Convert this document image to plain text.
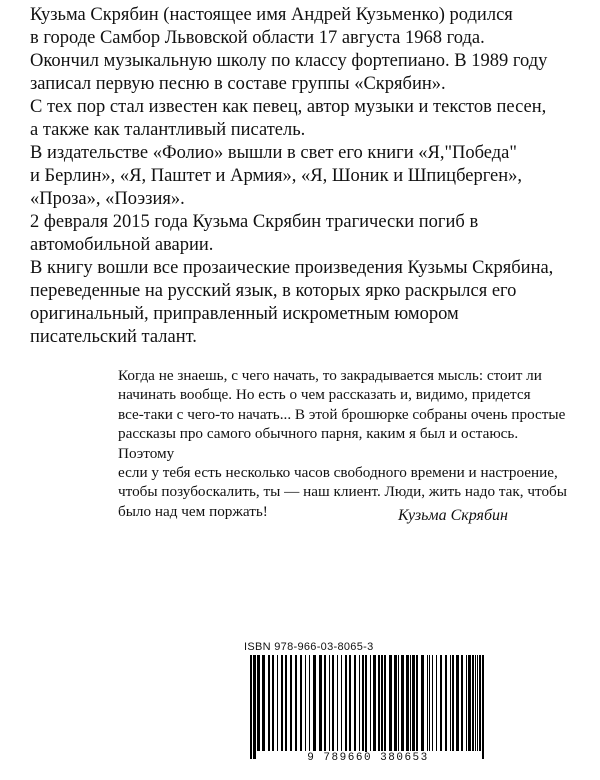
Кузьма Скрябин (настоящее имя Андрей Кузьменко) родился

в городе Самбор Львовской области 17 августа 1968 года.

Окончил музыкальную школу по классу фортепиано. В 1989 году

записал первую песню в составе группы «Скрябин».

С тех пор стал известен как певец, автор музыки и текстов песен,

а также как талантливый писатель.

В издательстве «Фолио» вышли в свет его книги «Я,"Победа"

и Берлин», «Я, Паштет и Армия», «Я, Шоник и Шпицберген»,

«Проза», «Поэзия».

2 февраля 2015 года Кузьма Скрябин трагически погиб в

автомобильной аварии.

В книгу вошли все прозаические произведения Кузьмы Скрябина,

переведенные на русский язык, в которых ярко раскрылся его

оригинальный, приправленный искрометным юмором

писательский талант.

Когда не знаешь, с чего начать, то закрадывается мысль: стоит ли

начинать вообще. Но есть о чем рассказать и, видимо, придется

все-таки с чего-то начать... В этой брошюрке собраны очень простые

рассказы про самого обычного парня, каким я был и остаюсь. Поэтому

если у тебя есть несколько часов свободного времени и настроение,

чтобы позубоскалить, ты — наш клиент. Люди, жить надо так, чтобы

было над чем поржать!	Кузьма Скрябин
ISBN 978-966-03-8065-3
9 789660 380653
